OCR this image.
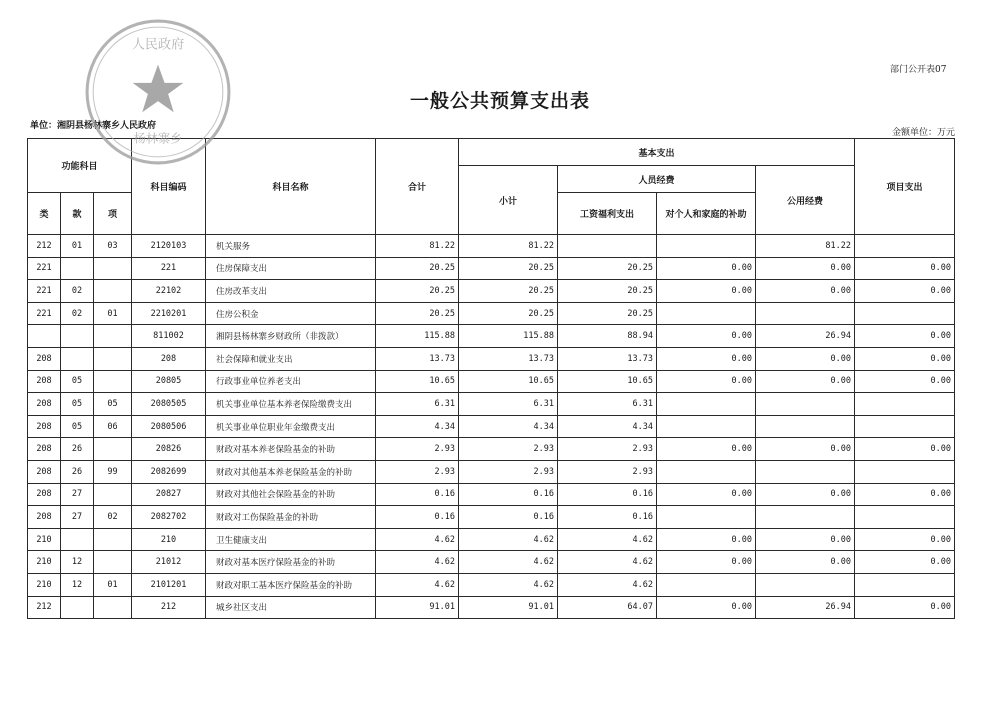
部门公开表07
一般公共预算支出表
单位：湘阴县杨林寨乡人民政府
金额单位：万元
功能科目			科目编码	科目名称	合计	基本支出				项目支出
						小计	人员经费		公用经费	
类	款	项					工资福利支出	对个人和家庭的补助		
212	01	03	2120103	机关服务	81.22	81.22			81.22	
221			221	住房保障支出	20.25	20.25	20.25	0.00	0.00	0.00
221	02		22102	住房改革支出	20.25	20.25	20.25	0.00	0.00	0.00
221	02	01	2210201	住房公积金	20.25	20.25	20.25			
			811002	湘阴县杨林寨乡财政所（非拨款）	115.88	115.88	88.94	0.00	26.94	0.00
208			208	社会保障和就业支出	13.73	13.73	13.73	0.00	0.00	0.00
208	05		20805	行政事业单位养老支出	10.65	10.65	10.65	0.00	0.00	0.00
208	05	05	2080505	机关事业单位基本养老保险缴费支出	6.31	6.31	6.31			
208	05	06	2080506	机关事业单位职业年金缴费支出	4.34	4.34	4.34			
208	26		20826	财政对基本养老保险基金的补助	2.93	2.93	2.93	0.00	0.00	0.00
208	26	99	2082699	财政对其他基本养老保险基金的补助	2.93	2.93	2.93			
208	27		20827	财政对其他社会保险基金的补助	0.16	0.16	0.16	0.00	0.00	0.00
208	27	02	2082702	财政对工伤保险基金的补助	0.16	0.16	0.16			
210			210	卫生健康支出	4.62	4.62	4.62	0.00	0.00	0.00
210	12		21012	财政对基本医疗保险基金的补助	4.62	4.62	4.62	0.00	0.00	0.00
210	12	01	2101201	财政对职工基本医疗保险基金的补助	4.62	4.62	4.62			
212			212	城乡社区支出	91.01	91.01	64.07	0.00	26.94	0.00
人民政府
杨林寨乡
